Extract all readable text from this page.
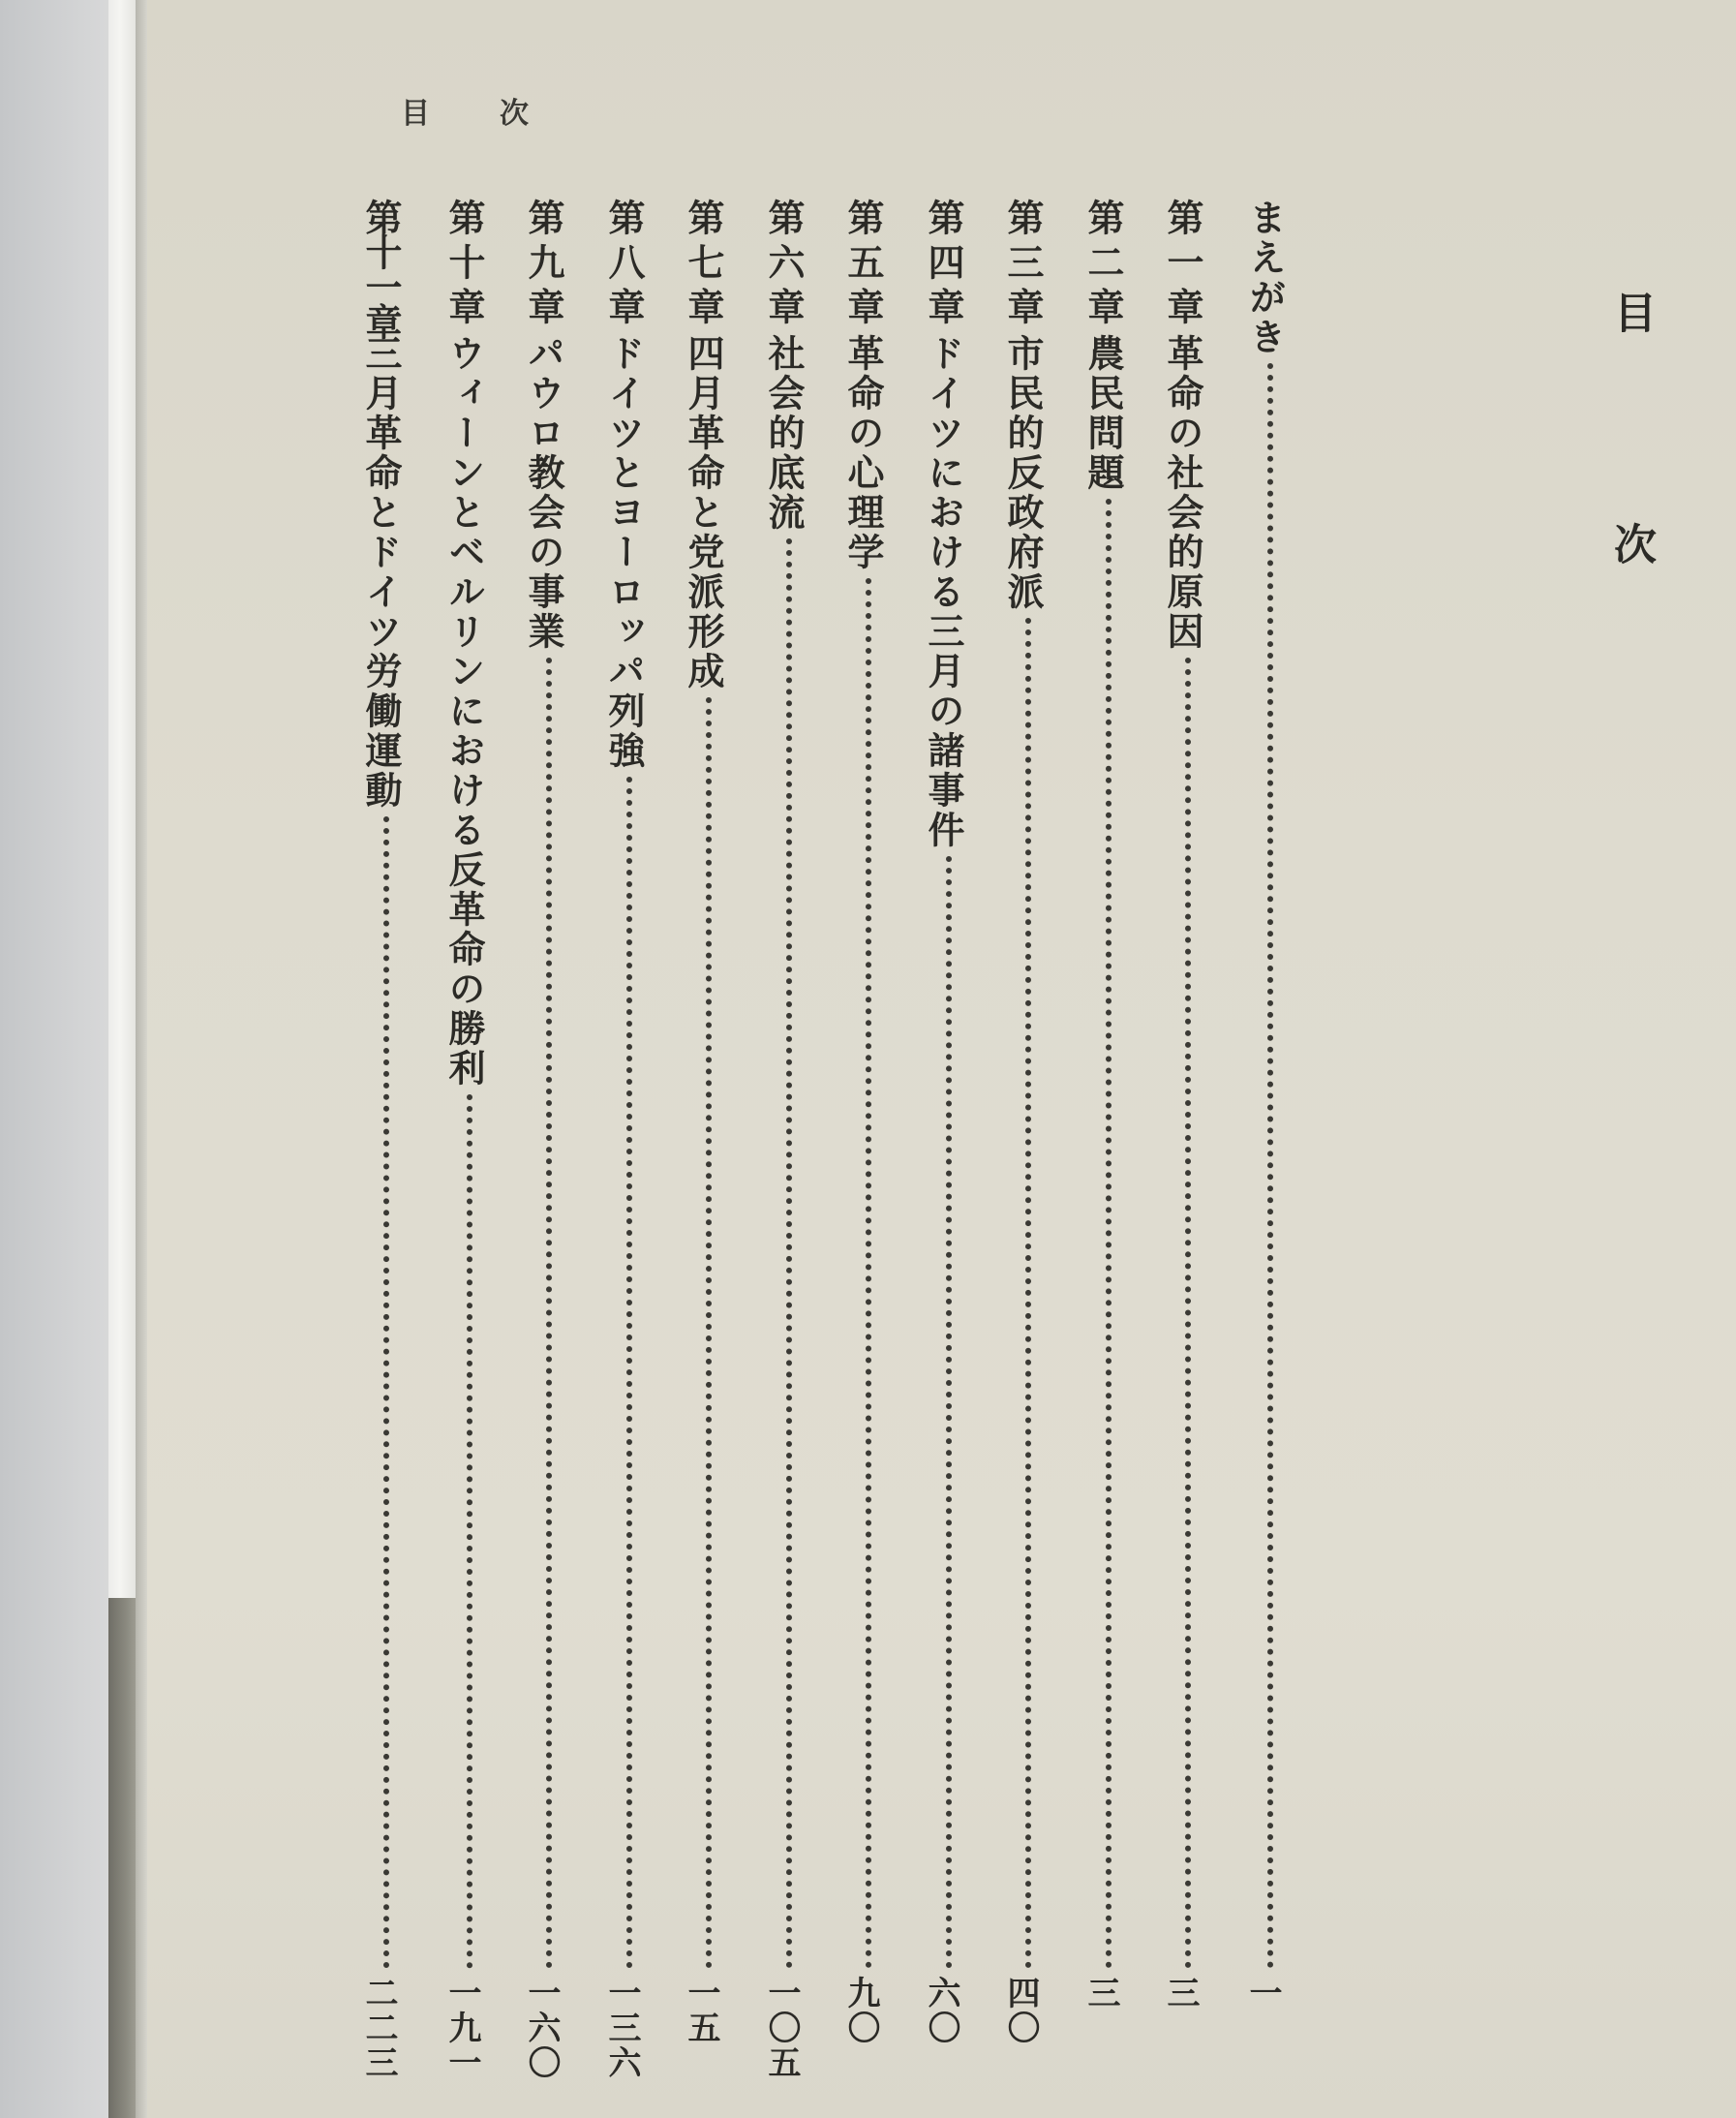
目 次
目 次
まえがき
一
第一章
革命の社会的原因
三
第二章
農民問題
三
第三章
市民的反政府派
四〇
第四章
ドイツにおける三月の諸事件
六〇
第五章
革命の心理学
九〇
第六章
社会的底流
一〇五
第七章
四月革命と党派形成
一五
第八章
ドイツとヨーロッパ列強
一三六
第九章
パウロ教会の事業
一六〇
第十章
ウィーンとベルリンにおける反革命の勝利
一九一
第十一章
三月革命とドイツ労働運動
二二三
